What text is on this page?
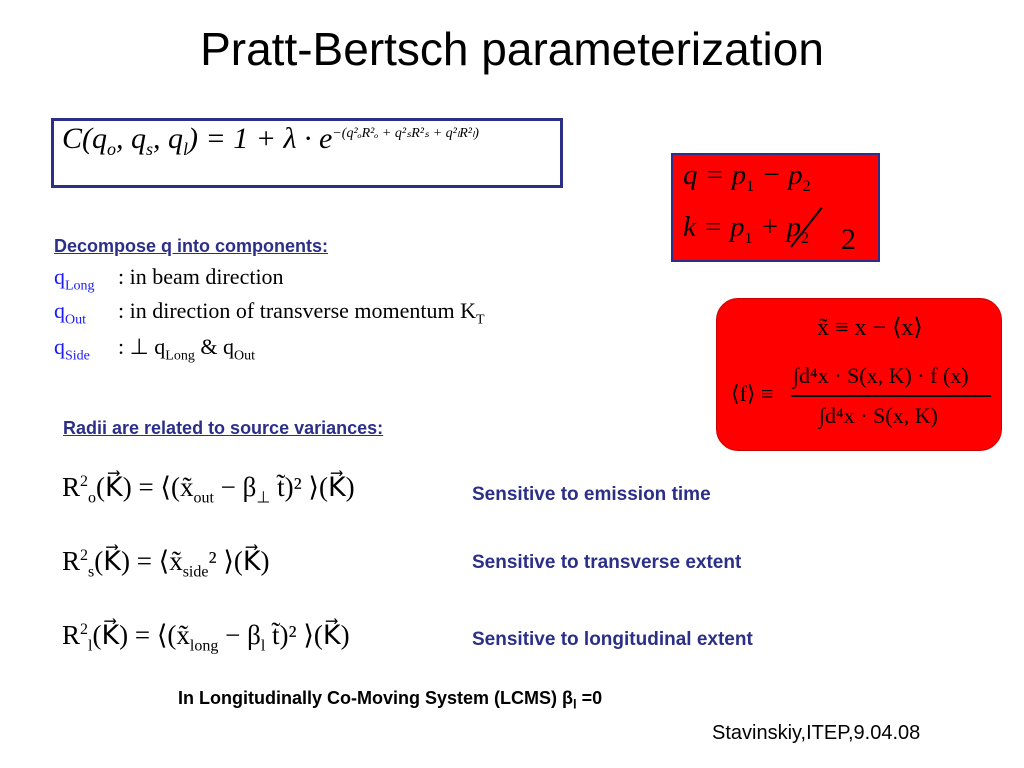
Pratt-Bertsch parameterization
$C(q_o$, $q_s$, $q_l) = 1 + \lambda \cdot e^{-(q^2_oR^2_o + q^2_sR^2_s + q^2_lR^2_l)}$
$q = p_1 - p_2$
$k = p_1 + p_2$ 2
x̃ ≡ x − ⟨x⟩
⟨f⟩ ≡
∫d⁴x · S(x, K) · f (x)
∫d⁴x · S(x, K)
Decompose q into components:
$q_{Long}$ : in beam direction
$q_{Out}$ : in direction of transverse momentum $K_T$
$q_{Side}$ : ⊥ $q_{Long}$ & $q_{Out}$
Radii are related to source variances:
$R^2_o(K⃗)$ = $⟨(x̃_{out} - \beta_\perp$ t̃)² ⟩(K⃗)	Sensitive to emission time
$R^2_s(K⃗)$ = $⟨x̃_{side}^2$ ⟩(K⃗)	Sensitive to transverse extent
$R^2_l(K⃗)$ = $⟨(x̃_{long} - \beta_l$ t̃)² ⟩(K⃗)	Sensitive to longitudinal extent
In Longitudinally Co-Moving System (LCMS) $\beta_l =0$
Stavinskiy,ITEP,9.04.08
